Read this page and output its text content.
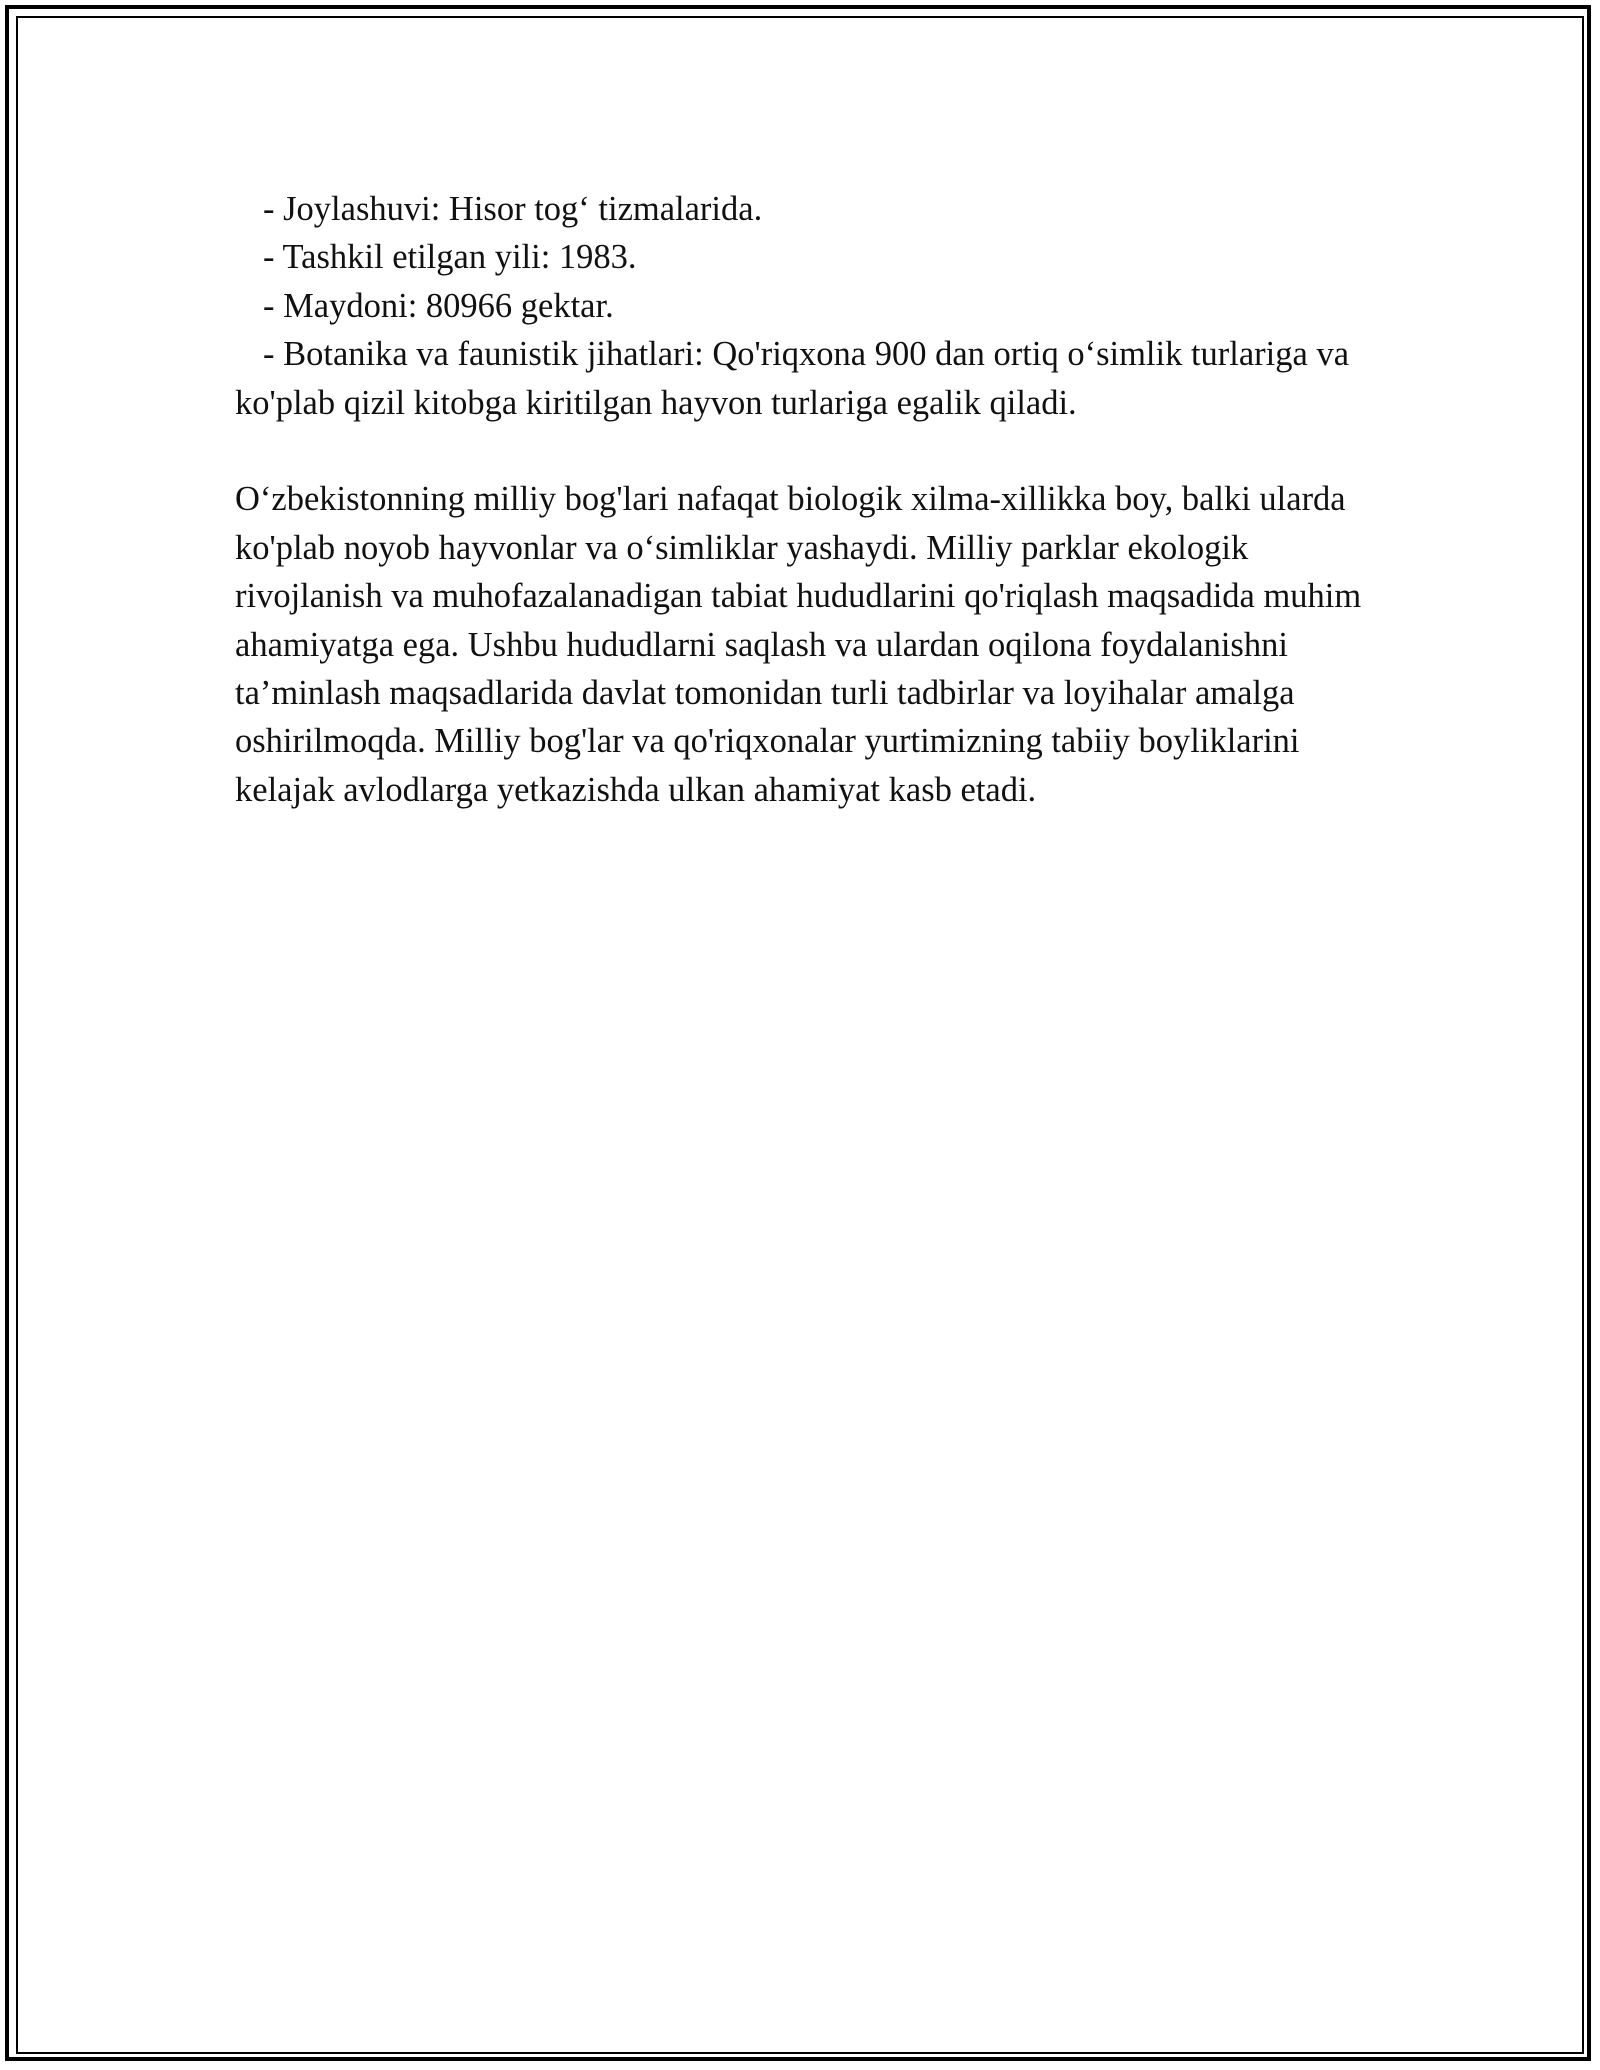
- Joylashuvi: Hisor tog‘ tizmalarida.

- Tashkil etilgan yili: 1983.

- Maydoni: 80966 gektar.

- Botanika va faunistik jihatlari: Qo'riqxona 900 dan ortiq o‘simlik turlariga va ko'plab qizil kitobga kiritilgan hayvon turlariga egalik qiladi.

O‘zbekistonning milliy bog'lari nafaqat biologik xilma-xillikka boy, balki ularda ko'plab noyob hayvonlar va o‘simliklar yashaydi. Milliy parklar ekologik rivojlanish va muhofazalanadigan tabiat hududlarini qo'riqlash maqsadida muhim ahamiyatga ega. Ushbu hududlarni saqlash va ulardan oqilona foydalanishni ta’minlash maqsadlarida davlat tomonidan turli tadbirlar va loyihalar amalga oshirilmoqda. Milliy bog'lar va qo'riqxonalar yurtimizning tabiiy boyliklarini kelajak avlodlarga yetkazishda ulkan ahamiyat kasb etadi.
